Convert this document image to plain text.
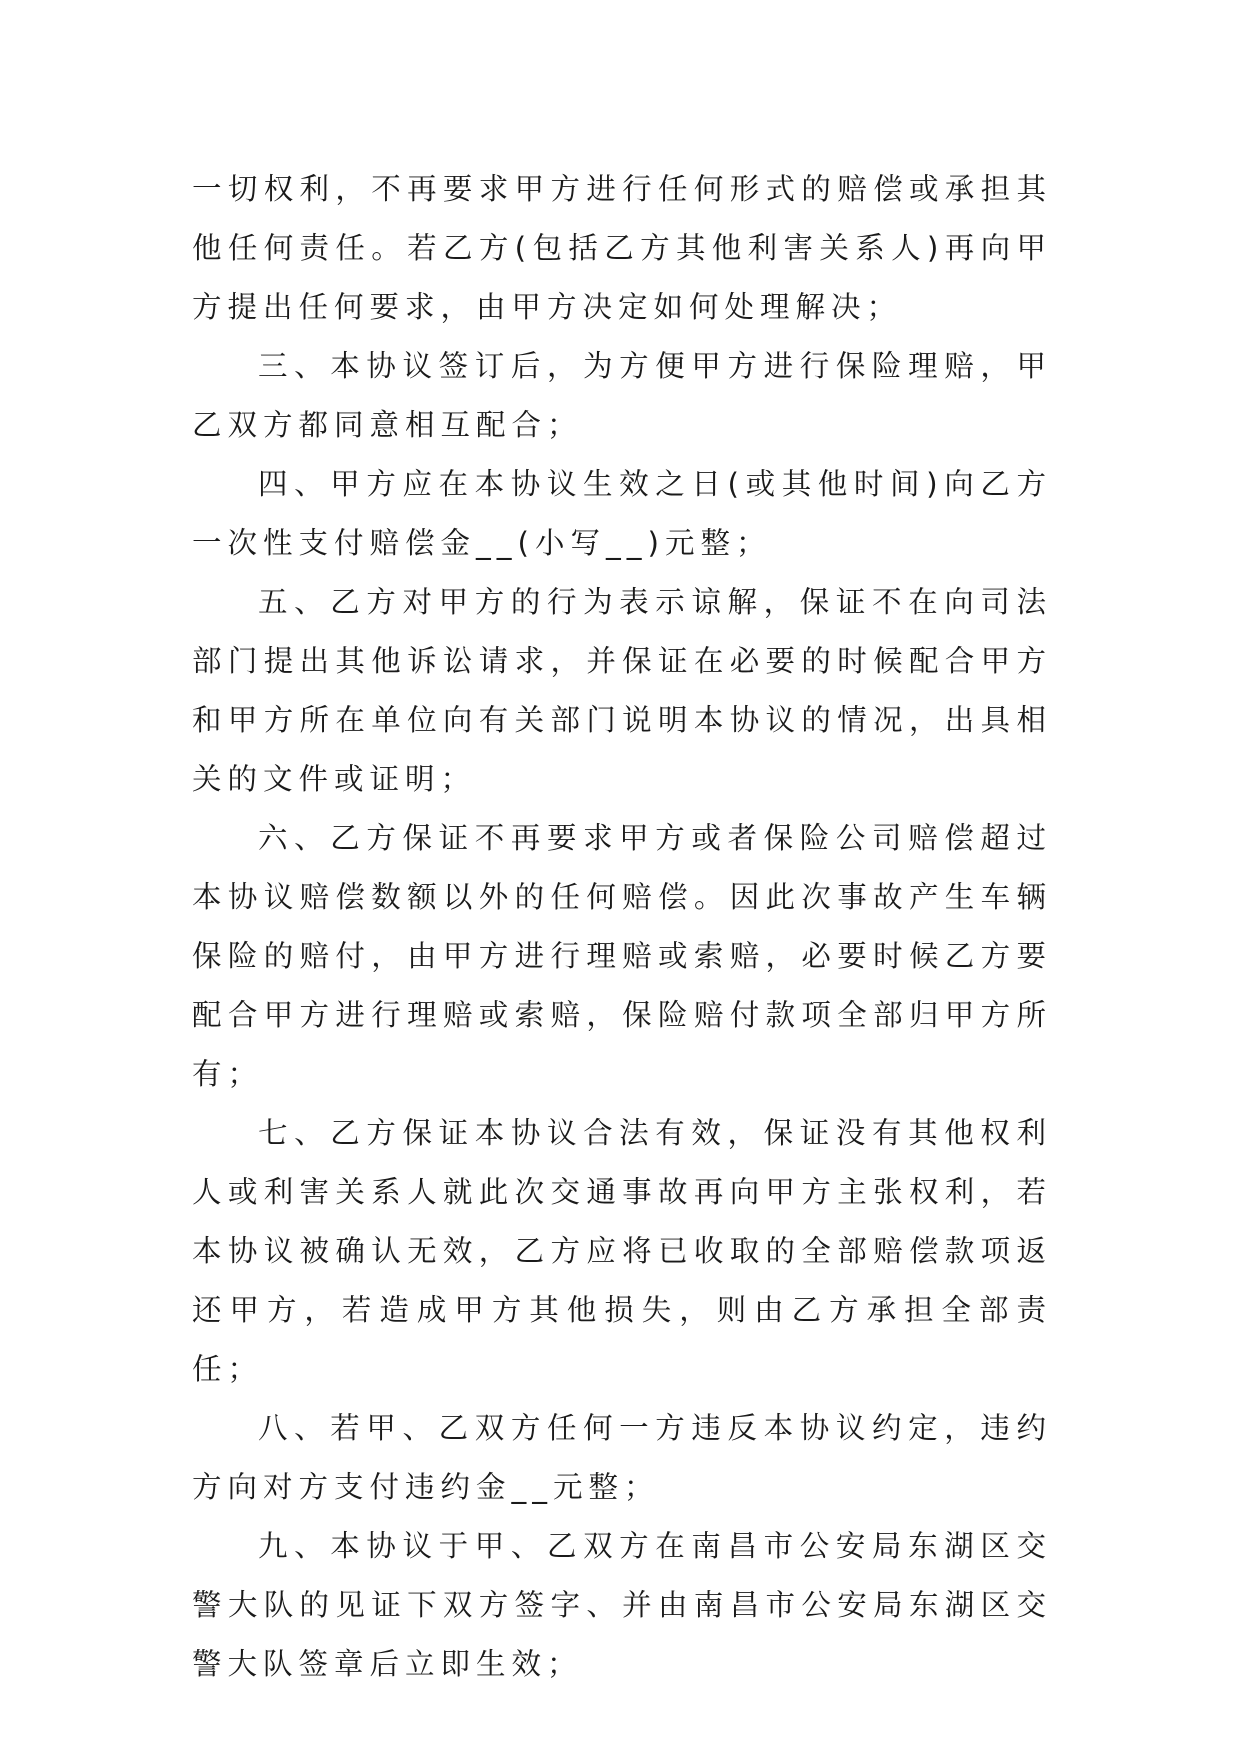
一切权利，不再要求甲方进行任何形式的赔偿或承担其他任何责任。若乙方(包括乙方其他利害关系人)再向甲方提出任何要求，由甲方决定如何处理解决；

三、本协议签订后，为方便甲方进行保险理赔，甲乙双方都同意相互配合；

四、甲方应在本协议生效之日(或其他时间)向乙方一次性支付赔偿金__(小写__)元整；

五、乙方对甲方的行为表示谅解，保证不在向司法部门提出其他诉讼请求，并保证在必要的时候配合甲方和甲方所在单位向有关部门说明本协议的情况，出具相关的文件或证明；

六、乙方保证不再要求甲方或者保险公司赔偿超过本协议赔偿数额以外的任何赔偿。因此次事故产生车辆保险的赔付，由甲方进行理赔或索赔，必要时候乙方要配合甲方进行理赔或索赔，保险赔付款项全部归甲方所有；

七、乙方保证本协议合法有效，保证没有其他权利人或利害关系人就此次交通事故再向甲方主张权利，若本协议被确认无效，乙方应将已收取的全部赔偿款项返还甲方，若造成甲方其他损失，则由乙方承担全部责任；

八、若甲、乙双方任何一方违反本协议约定，违约方向对方支付违约金__元整；

九、本协议于甲、乙双方在南昌市公安局东湖区交警大队的见证下双方签字、并由南昌市公安局东湖区交警大队签章后立即生效；
